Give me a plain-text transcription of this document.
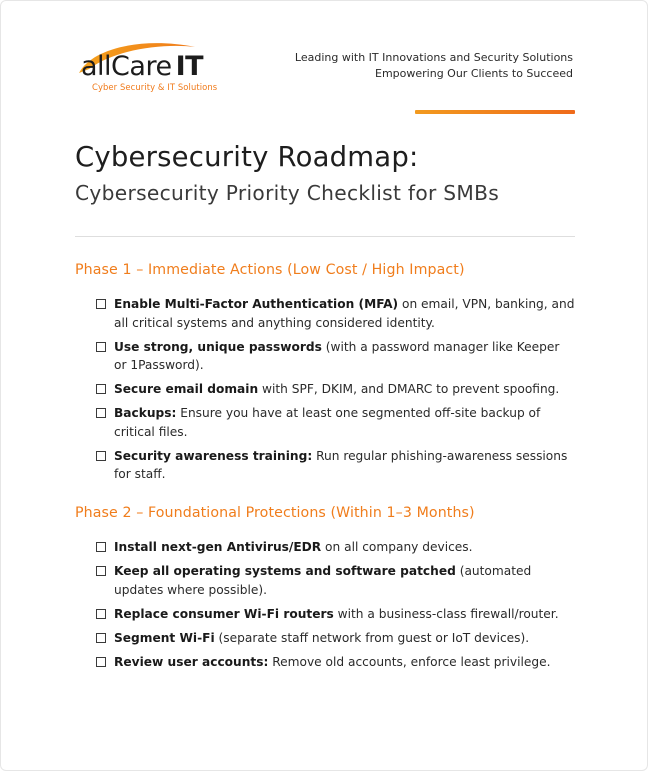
allCare IT
Cyber Security & IT Solutions
Leading with IT Innovations and Security Solutions
Empowering Our Clients to Succeed
Cybersecurity Roadmap:
Cybersecurity Priority Checklist for SMBs
Phase 1 – Immediate Actions (Low Cost / High Impact)
Enable Multi-Factor Authentication (MFA) on email, VPN, banking, and all critical systems and anything considered identity.
Use strong, unique passwords (with a password manager like Keeper or 1Password).
Secure email domain with SPF, DKIM, and DMARC to prevent spoofing.
Backups: Ensure you have at least one segmented off-site backup of critical files.
Security awareness training: Run regular phishing-awareness sessions for staff.
Phase 2 – Foundational Protections (Within 1–3 Months)
Install next-gen Antivirus/EDR on all company devices.
Keep all operating systems and software patched (automated updates where possible).
Replace consumer Wi-Fi routers with a business-class firewall/router.
Segment Wi-Fi (separate staff network from guest or IoT devices).
Review user accounts: Remove old accounts, enforce least privilege.
